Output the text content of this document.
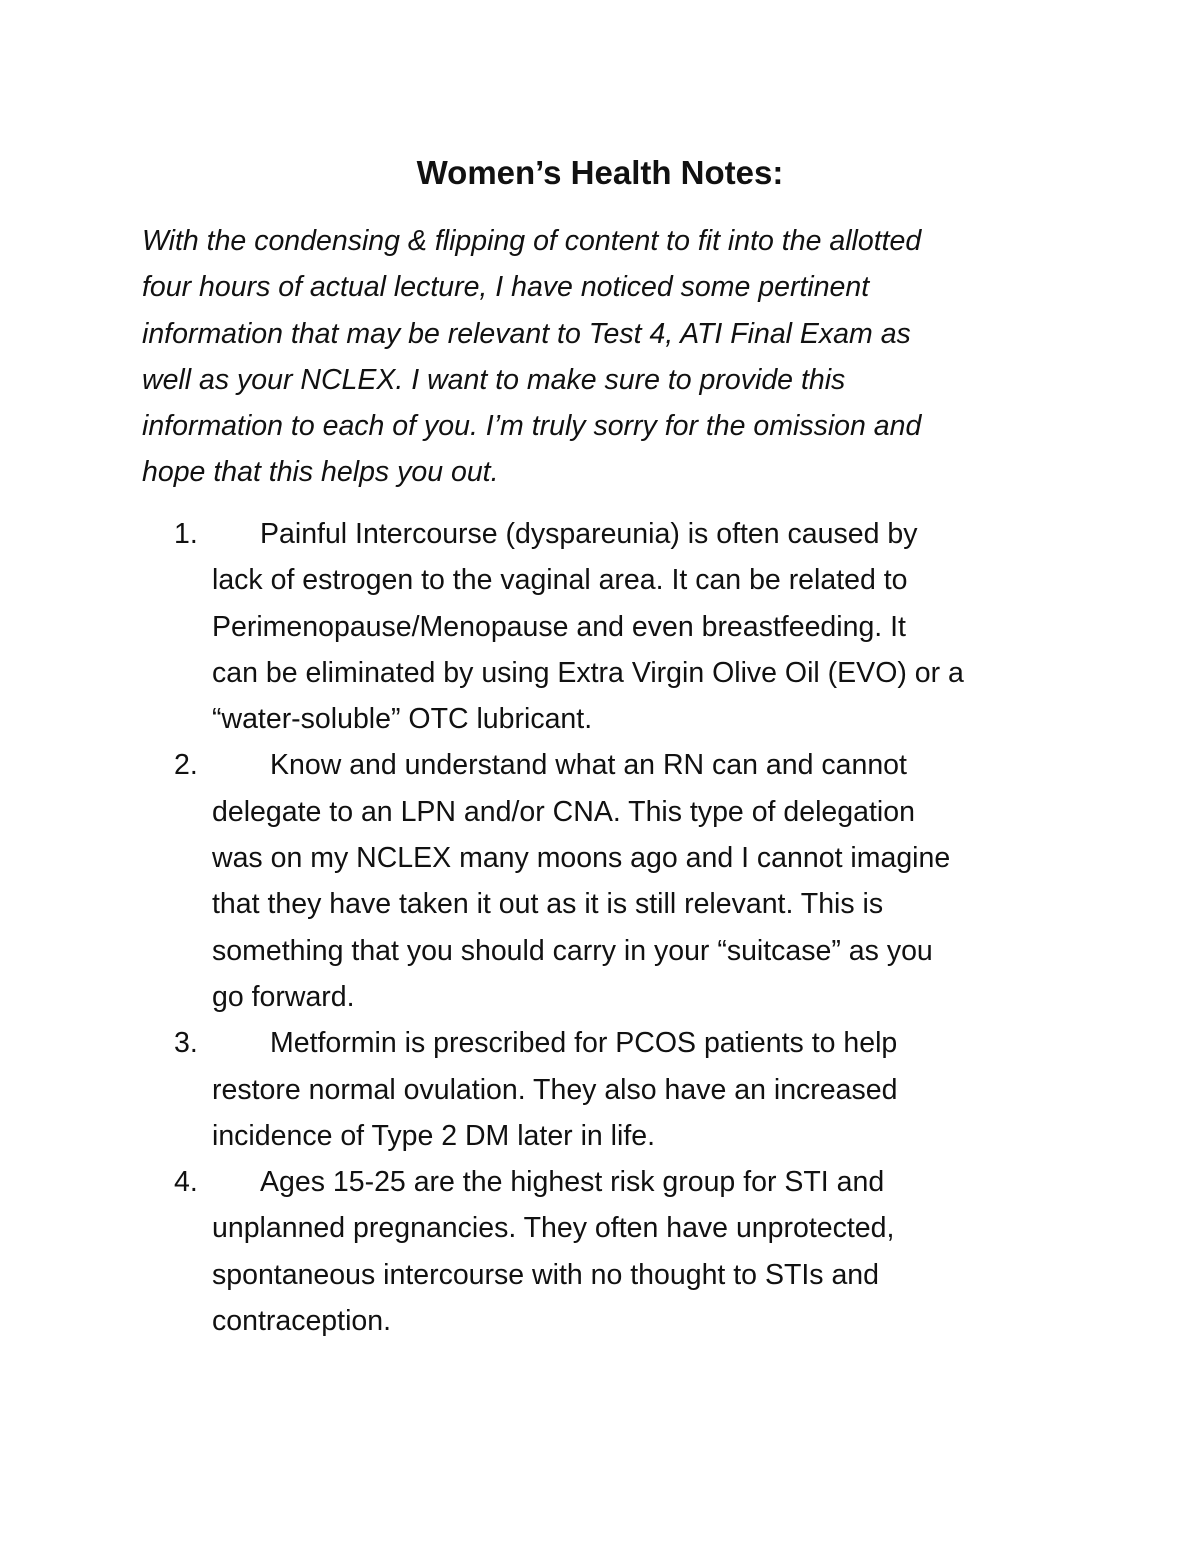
Women’s Health Notes:

With the condensing & flipping of content to fit into the allotted
four hours of actual lecture, I have noticed some pertinent
information that may be relevant to Test 4, ATI Final Exam as
well as your NCLEX. I want to make sure to provide this
information to each of you. I’m truly sorry for the omission and
hope that this helps you out.

1.	Painful Intercourse (dyspareunia) is often caused by
lack of estrogen to the vaginal area. It can be related to
Perimenopause/Menopause and even breastfeeding. It
can be eliminated by using Extra Virgin Olive Oil (EVO) or a
“water-soluble” OTC lubricant.
2.	Know and understand what an RN can and cannot
delegate to an LPN and/or CNA. This type of delegation
was on my NCLEX many moons ago and I cannot imagine
that they have taken it out as it is still relevant. This is
something that you should carry in your “suitcase” as you
go forward.
3.	Metformin is prescribed for PCOS patients to help
restore normal ovulation. They also have an increased
incidence of Type 2 DM later in life.
4.	Ages 15-25 are the highest risk group for STI and
unplanned pregnancies. They often have unprotected,
spontaneous intercourse with no thought to STIs and
contraception.
